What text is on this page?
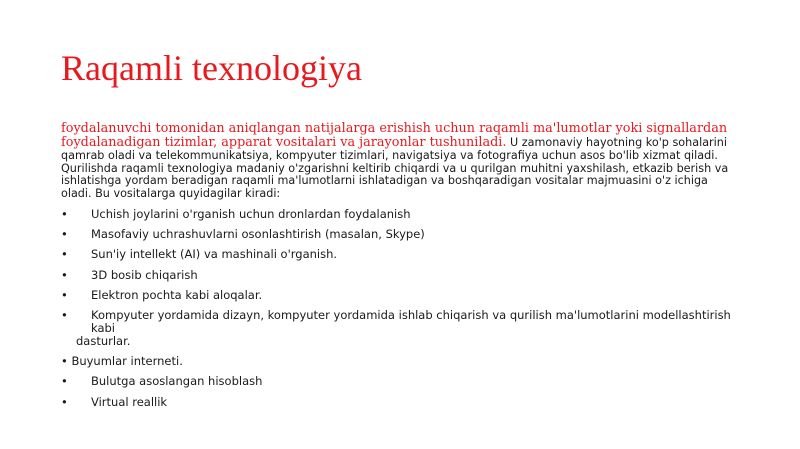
Raqamli texnologiya

foydalanuvchi tomonidan aniqlangan natijalarga erishish uchun raqamli ma'lumotlar yoki signallardan foydalanadigan tizimlar, apparat vositalari va jarayonlar tushuniladi. U zamonaviy hayotning ko'p sohalarini qamrab oladi va telekommunikatsiya, kompyuter tizimlari, navigatsiya va fotografiya uchun asos bo'lib xizmat qiladi. Qurilishda raqamli texnologiya madaniy o'zgarishni keltirib chiqardi va u qurilgan muhitni yaxshilash, etkazib berish va ishlatishga yordam beradigan raqamli ma'lumotlarni ishlatadigan va boshqaradigan vositalar majmuasini o'z ichiga oladi. Bu vositalarga quyidagilar kiradi:

•	Uchish joylarini o'rganish uchun dronlardan foydalanish
•	Masofaviy uchrashuvlarni osonlashtirish (masalan, Skype)
•	Sun'iy intellekt (AI) va mashinali o'rganish.
•	3D bosib chiqarish
•	Elektron pochta kabi aloqalar.
•	Kompyuter yordamida dizayn, kompyuter yordamida ishlab chiqarish va qurilish ma'lumotlarini modellashtirish kabi
dasturlar.
• Buyumlar interneti.
•	Bulutga asoslangan hisoblash
•	Virtual reallik
